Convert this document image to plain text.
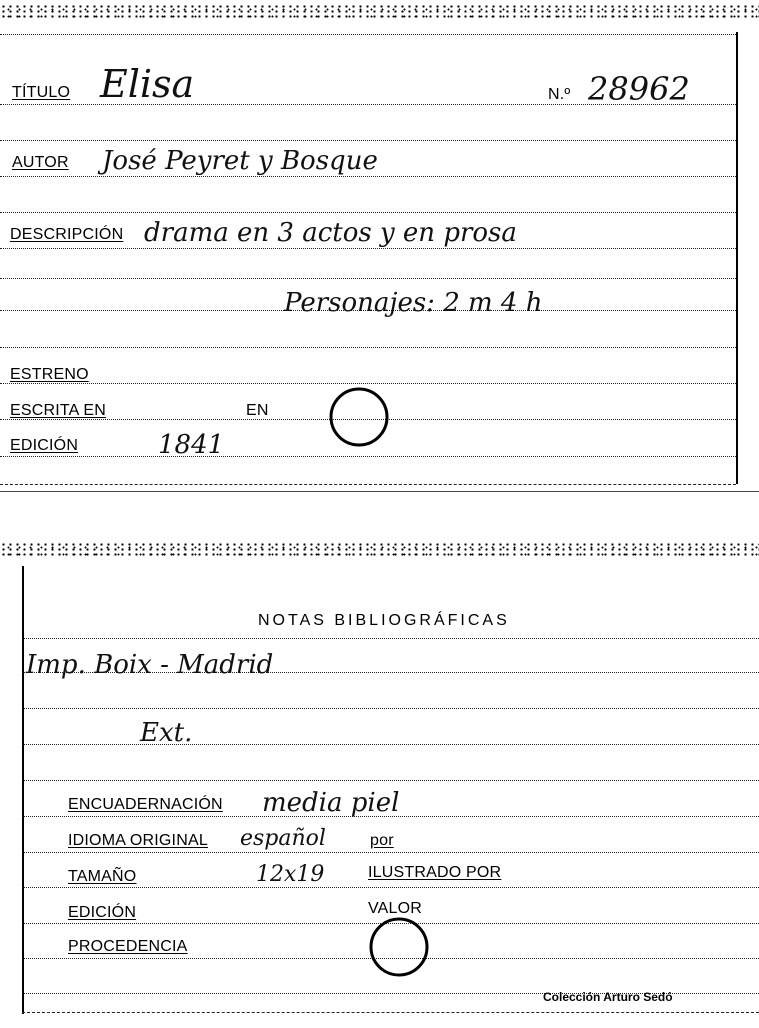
TÍTULO Elisa	N.º 28962
AUTOR José Peyret y Bosque
DESCRIPCIÓN drama en 3 actos y en prosa
Personajes: 2 m 4 h
ESTRENO
ESCRITA EN	EN
EDICIÓN	1841
NOTAS BIBLIOGRÁFICAS
Imp. Boix - Madrid
Ext.
ENCUADERNACIÓN media piel
IDIOMA ORIGINAL español	por
TAMAÑO	12x19	ILUSTRADO POR
EDICIÓN	VALOR
PROCEDENCIA
Colección Arturo Sedó
